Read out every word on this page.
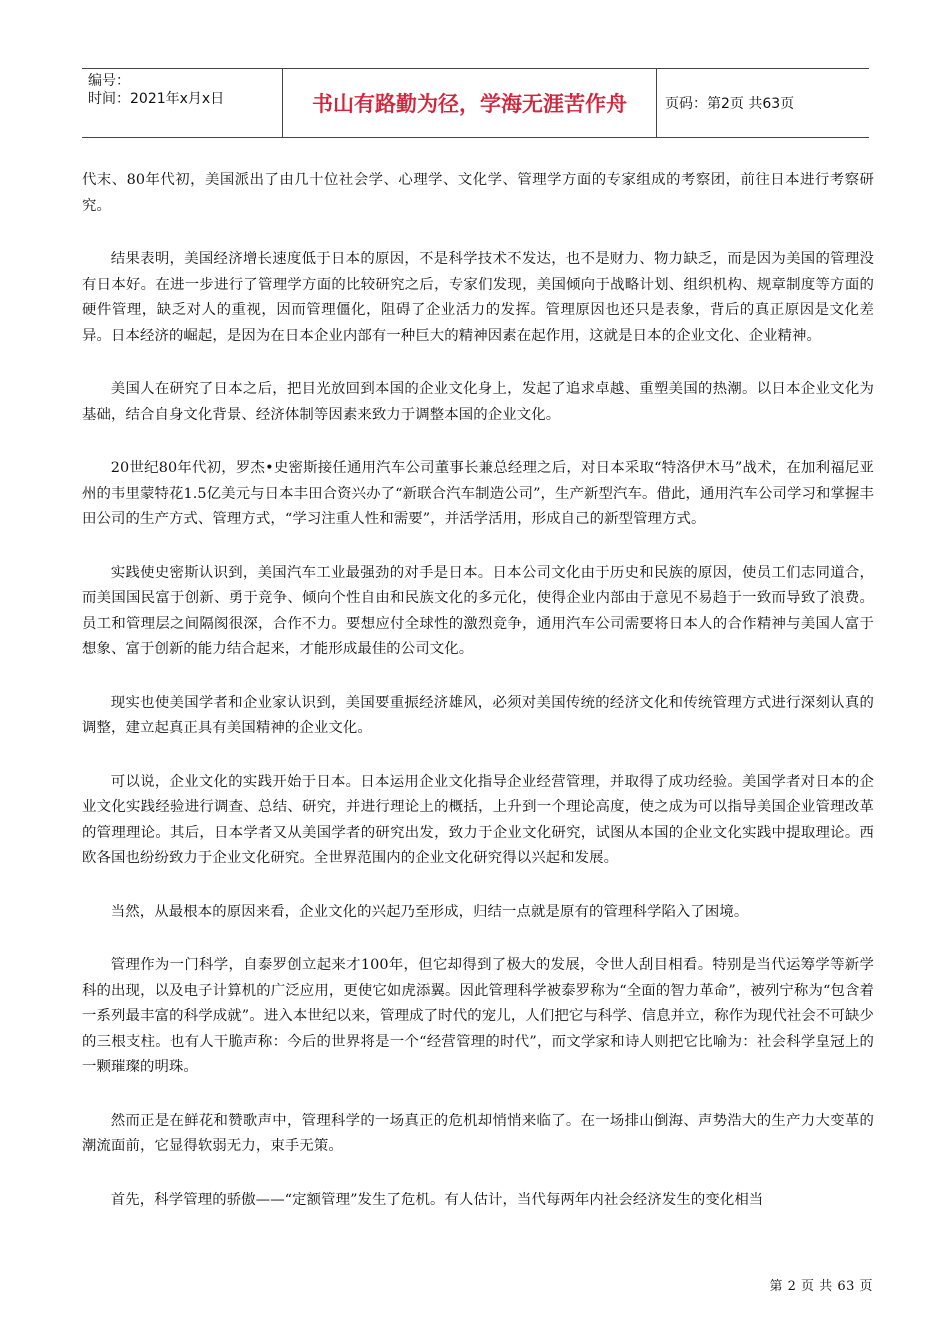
编号：
时间：2021年x月x日	书山有路勤为径，学海无涯苦作舟	页码：第2页 共63页

代末、80年代初，美国派出了由几十位社会学、心理学、文化学、管理学方面的专家组成的考察团，前往日本进行考察研究。

结果表明，美国经济增长速度低于日本的原因，不是科学技术不发达，也不是财力、物力缺乏，而是因为美国的管理没有日本好。在进一步进行了管理学方面的比较研究之后，专家们发现，美国倾向于战略计划、组织机构、规章制度等方面的硬件管理，缺乏对人的重视，因而管理僵化，阻碍了企业活力的发挥。管理原因也还只是表象，背后的真正原因是文化差异。日本经济的崛起，是因为在日本企业内部有一种巨大的精神因素在起作用，这就是日本的企业文化、企业精神。

美国人在研究了日本之后，把目光放回到本国的企业文化身上，发起了追求卓越、重塑美国的热潮。以日本企业文化为基础，结合自身文化背景、经济体制等因素来致力于调整本国的企业文化。

20世纪80年代初，罗杰•史密斯接任通用汽车公司董事长兼总经理之后，对日本采取“特洛伊木马”战术，在加利福尼亚州的韦里蒙特花1.5亿美元与日本丰田合资兴办了“新联合汽车制造公司”，生产新型汽车。借此，通用汽车公司学习和掌握丰田公司的生产方式、管理方式，“学习注重人性和需要”，并活学活用，形成自己的新型管理方式。

实践使史密斯认识到，美国汽车工业最强劲的对手是日本。日本公司文化由于历史和民族的原因，使员工们志同道合，而美国国民富于创新、勇于竞争、倾向个性自由和民族文化的多元化，使得企业内部由于意见不易趋于一致而导致了浪费。员工和管理层之间隔阂很深，合作不力。要想应付全球性的激烈竞争，通用汽车公司需要将日本人的合作精神与美国人富于想象、富于创新的能力结合起来，才能形成最佳的公司文化。

现实也使美国学者和企业家认识到，美国要重振经济雄风，必须对美国传统的经济文化和传统管理方式进行深刻认真的调整，建立起真正具有美国精神的企业文化。

可以说，企业文化的实践开始于日本。日本运用企业文化指导企业经营管理，并取得了成功经验。美国学者对日本的企业文化实践经验进行调查、总结、研究，并进行理论上的概括，上升到一个理论高度，使之成为可以指导美国企业管理改革的管理理论。其后，日本学者又从美国学者的研究出发，致力于企业文化研究，试图从本国的企业文化实践中提取理论。西欧各国也纷纷致力于企业文化研究。全世界范围内的企业文化研究得以兴起和发展。

当然，从最根本的原因来看，企业文化的兴起乃至形成，归结一点就是原有的管理科学陷入了困境。

管理作为一门科学，自泰罗创立起来才100年，但它却得到了极大的发展，令世人刮目相看。特别是当代运筹学等新学科的出现，以及电子计算机的广泛应用，更使它如虎添翼。因此管理科学被泰罗称为“全面的智力革命”，被列宁称为“包含着一系列最丰富的科学成就”。进入本世纪以来，管理成了时代的宠儿，人们把它与科学、信息并立，称作为现代社会不可缺少的三根支柱。也有人干脆声称：今后的世界将是一个“经营管理的时代”，而文学家和诗人则把它比喻为：社会科学皇冠上的一颗璀璨的明珠。

然而正是在鲜花和赞歌声中，管理科学的一场真正的危机却悄悄来临了。在一场排山倒海、声势浩大的生产力大变革的潮流面前，它显得软弱无力，束手无策。

首先，科学管理的骄傲——“定额管理”发生了危机。有人估计，当代每两年内社会经济发生的变化相当

第 2 页 共 63 页
